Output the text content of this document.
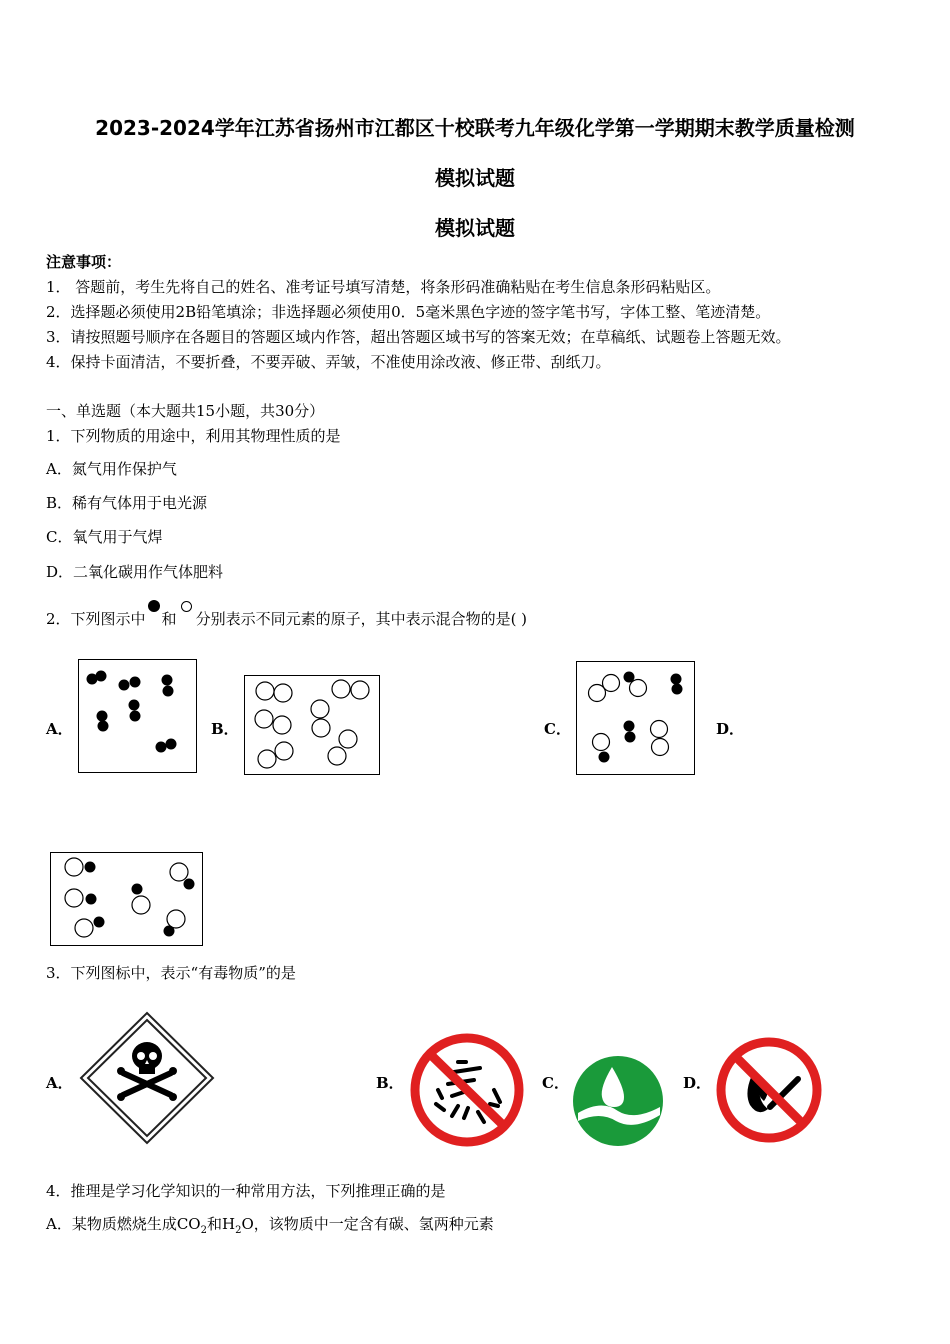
2023-2024学年江苏省扬州市江都区十校联考九年级化学第一学期期末教学质量检测
模拟试题
模拟试题
注意事项：
1． 答题前，考生先将自己的姓名、准考证号填写清楚，将条形码准确粘贴在考生信息条形码粘贴区。
2．选择题必须使用2B铅笔填涂；非选择题必须使用0．5毫米黑色字迹的签字笔书写，字体工整、笔迹清楚。
3．请按照题号顺序在各题目的答题区域内作答，超出答题区域书写的答案无效；在草稿纸、试题卷上答题无效。
4．保持卡面清洁，不要折叠，不要弄破、弄皱，不准使用涂改液、修正带、刮纸刀。
一、单选题（本大题共15小题，共30分）
1．下列物质的用途中，利用其物理性质的是
A．氮气用作保护气
B．稀有气体用于电光源
C．氧气用于气焊
D．二氧化碳用作气体肥料
2．下列图示中 和 分别表示不同元素的原子，其中表示混合物的是( )
A．	B．	C．	D．
3．下列图标中，表示“有毒物质”的是
A．	B．	C．	D．
4．推理是学习化学知识的一种常用方法，下列推理正确的是
A．某物质燃烧生成$CO_2$和$H_2O$，该物质中一定含有碳、氢两种元素
